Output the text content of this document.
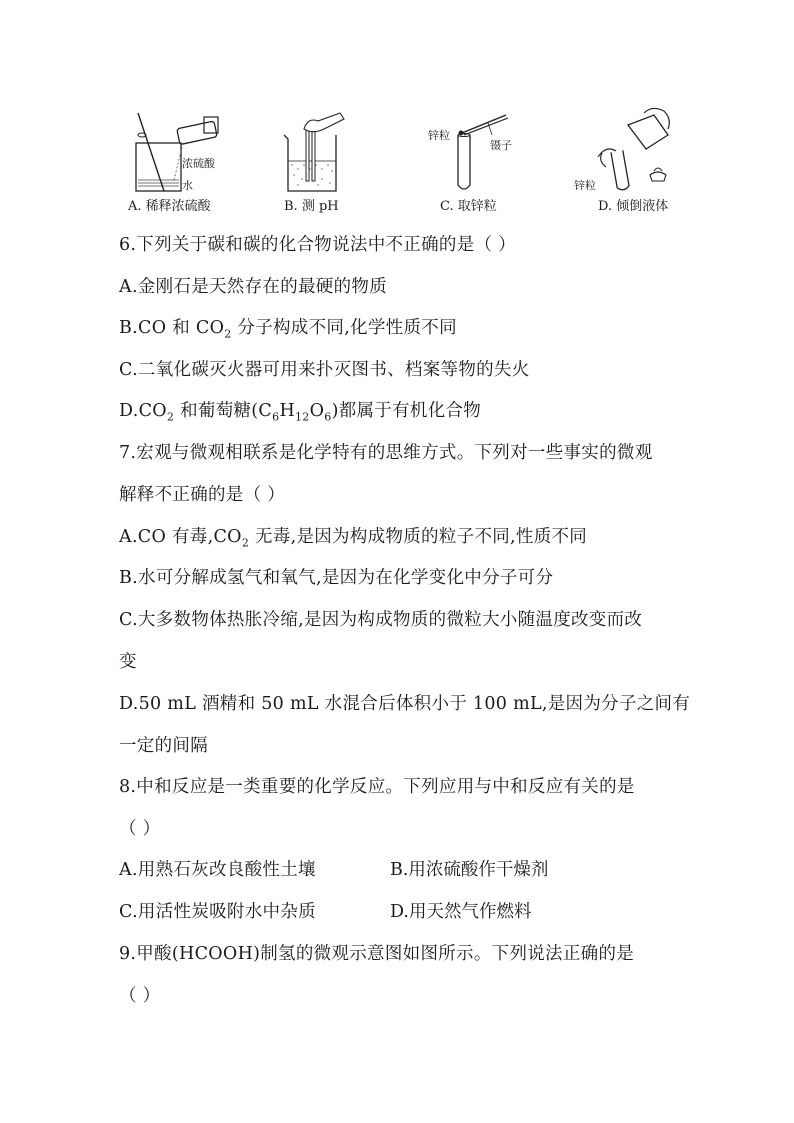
浓硫酸
水
A. 稀释浓硫酸	B. 测 pH
锌粒
镊子
C. 取锌粒
锌粒
D. 倾倒液体
6.下列关于碳和碳的化合物说法中不正确的是（ ）
A.金刚石是天然存在的最硬的物质
B.CO 和 $CO_2$ 分子构成不同,化学性质不同
C.二氧化碳灭火器可用来扑灭图书、档案等物的失火
$D.CO_2$ 和葡萄糖$(C_6H_{12}O_6)$都属于有机化合物
7.宏观与微观相联系是化学特有的思维方式。下列对一些事实的微观
解释不正确的是（ ）
A.CO 有毒$,CO_2$ 无毒,是因为构成物质的粒子不同,性质不同
B.水可分解成氢气和氧气,是因为在化学变化中分子可分
C.大多数物体热胀冷缩,是因为构成物质的微粒大小随温度改变而改
变
D.50 mL 酒精和 50 mL 水混合后体积小于 100 mL,是因为分子之间有
一定的间隔
8.中和反应是一类重要的化学反应。下列应用与中和反应有关的是
（ ）
A.用熟石灰改良酸性土壤	B.用浓硫酸作干燥剂
C.用活性炭吸附水中杂质	D.用天然气作燃料
9.甲酸(HCOOH)制氢的微观示意图如图所示。下列说法正确的是
（ ）
